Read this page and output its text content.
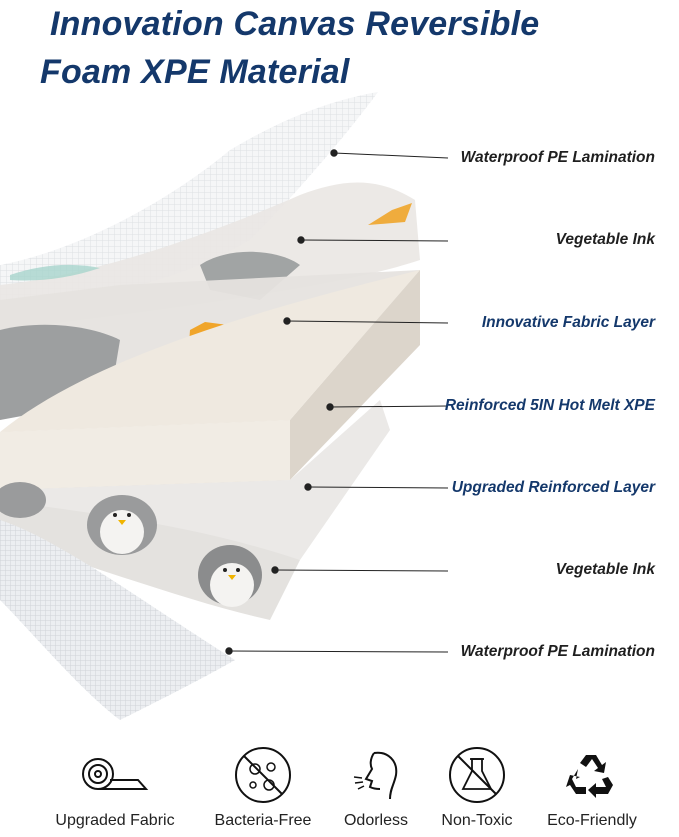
Innovation Canvas Reversible
Foam XPE Material
Waterproof PE Lamination
Vegetable Ink
Innovative Fabric Layer
Reinforced 5IN Hot Melt XPE
Upgraded Reinforced Layer
Vegetable Ink
Waterproof PE Lamination
Upgraded Fabric	Bacteria-Free	Odorless	Non-Toxic	Eco-Friendly
